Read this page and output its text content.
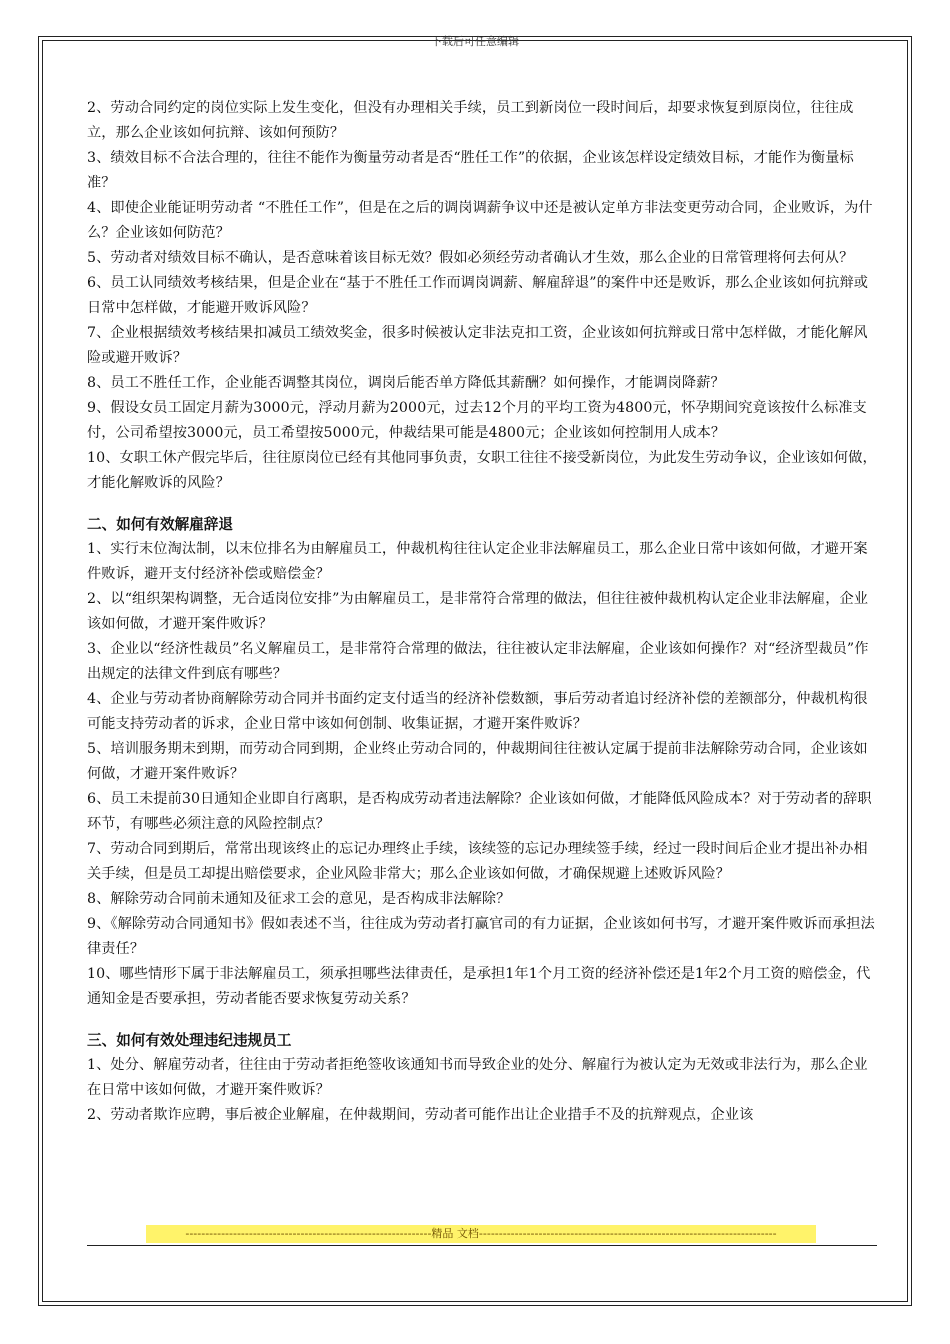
下载后可任意编辑

2、劳动合同约定的岗位实际上发生变化，但没有办理相关手续，员工到新岗位一段时间后，却要求恢复到原岗位，往往成立，那么企业该如何抗辩、该如何预防？

3、绩效目标不合法合理的，往往不能作为衡量劳动者是否“胜任工作”的依据，企业该怎样设定绩效目标，才能作为衡量标准？

4、即使企业能证明劳动者 “不胜任工作”，但是在之后的调岗调薪争议中还是被认定单方非法变更劳动合同，企业败诉，为什么？企业该如何防范？

5、劳动者对绩效目标不确认，是否意味着该目标无效？假如必须经劳动者确认才生效，那么企业的日常管理将何去何从？

6、员工认同绩效考核结果，但是企业在“基于不胜任工作而调岗调薪、解雇辞退”的案件中还是败诉，那么企业该如何抗辩或日常中怎样做，才能避开败诉风险？

7、企业根据绩效考核结果扣减员工绩效奖金，很多时候被认定非法克扣工资，企业该如何抗辩或日常中怎样做，才能化解风险或避开败诉？

8、员工不胜任工作，企业能否调整其岗位，调岗后能否单方降低其薪酬？如何操作，才能调岗降薪？

9、假设女员工固定月薪为3000元，浮动月薪为2000元，过去12个月的平均工资为4800元，怀孕期间究竟该按什么标准支付，公司希望按3000元，员工希望按5000元，仲裁结果可能是4800元；企业该如何控制用人成本？

10、女职工休产假完毕后，往往原岗位已经有其他同事负责，女职工往往不接受新岗位，为此发生劳动争议，企业该如何做，才能化解败诉的风险？

二、如何有效解雇辞退

1、实行末位淘汰制，以末位排名为由解雇员工，仲裁机构往往认定企业非法解雇员工，那么企业日常中该如何做，才避开案件败诉，避开支付经济补偿或赔偿金？

2、以“组织架构调整，无合适岗位安排”为由解雇员工，是非常符合常理的做法，但往往被仲裁机构认定企业非法解雇，企业该如何做，才避开案件败诉？

3、企业以“经济性裁员”名义解雇员工，是非常符合常理的做法，往往被认定非法解雇，企业该如何操作？对“经济型裁员”作出规定的法律文件到底有哪些？

4、企业与劳动者协商解除劳动合同并书面约定支付适当的经济补偿数额，事后劳动者追讨经济补偿的差额部分，仲裁机构很可能支持劳动者的诉求，企业日常中该如何创制、收集证据，才避开案件败诉？

5、培训服务期未到期，而劳动合同到期，企业终止劳动合同的，仲裁期间往往被认定属于提前非法解除劳动合同，企业该如何做，才避开案件败诉？

6、员工未提前30日通知企业即自行离职，是否构成劳动者违法解除？企业该如何做，才能降低风险成本？对于劳动者的辞职环节，有哪些必须注意的风险控制点？

7、劳动合同到期后，常常出现该终止的忘记办理终止手续，该续签的忘记办理续签手续，经过一段时间后企业才提出补办相关手续，但是员工却提出赔偿要求，企业风险非常大；那么企业该如何做，才确保规避上述败诉风险？

8、解除劳动合同前未通知及征求工会的意见，是否构成非法解除？

9、《解除劳动合同通知书》假如表述不当，往往成为劳动者打赢官司的有力证据，企业该如何书写，才避开案件败诉而承担法律责任？

10、哪些情形下属于非法解雇员工，须承担哪些法律责任，是承担1年1个月工资的经济补偿还是1年2个月工资的赔偿金，代通知金是否要承担，劳动者能否要求恢复劳动关系？

三、如何有效处理违纪违规员工

1、处分、解雇劳动者，往往由于劳动者拒绝签收该通知书而导致企业的处分、解雇行为被认定为无效或非法行为，那么企业在日常中该如何做，才避开案件败诉？

2、劳动者欺诈应聘，事后被企业解雇，在仲裁期间，劳动者可能作出让企业措手不及的抗辩观点，企业该

--------------------------------------------------------------精品 文档---------------------------------------------------------------------------
